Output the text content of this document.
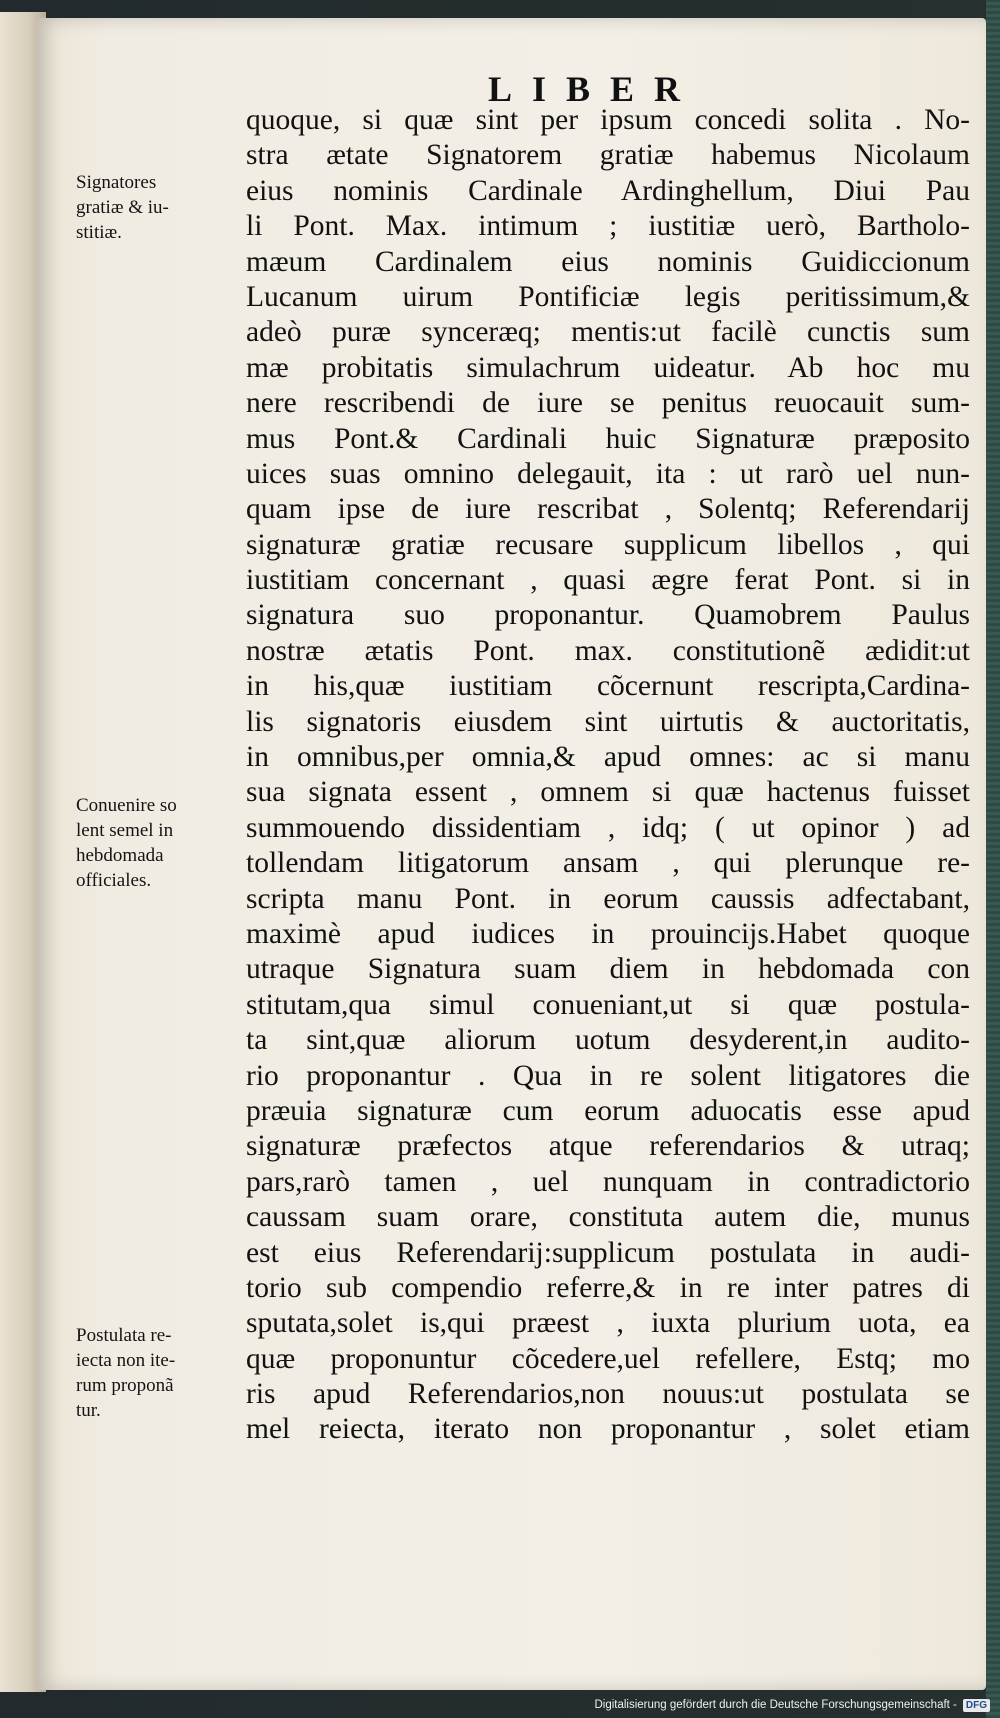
LIBER
quoque, si quæ sint per ipsum concedi solita . No-
stra ætate Signatorem gratiæ habemus Nicolaum
eius nominis Cardinale Ardinghellum, Diui Pau
li Pont. Max. intimum ; iustitiæ uerò, Bartholo-
mæum Cardinalem eius nominis Guidiccionum
Lucanum uirum Pontificiæ legis peritissimum,&
adeò puræ synceræq; mentis:ut facilè cunctis sum
mæ probitatis simulachrum uideatur. Ab hoc mu
nere rescribendi de iure se penitus reuocauit sum-
mus Pont.& Cardinali huic Signaturæ præposito
uices suas omnino delegauit, ita : ut rarò uel nun-
quam ipse de iure rescribat , Solentq; Referendarij
signaturæ gratiæ recusare supplicum libellos , qui
iustitiam concernant , quasi ægre ferat Pont. si in
signatura suo proponantur. Quamobrem Paulus
nostræ ætatis Pont. max. constitutionẽ ædidit:ut
in his,quæ iustitiam cõcernunt rescripta,Cardina-
lis signatoris eiusdem sint uirtutis & auctoritatis,
in omnibus,per omnia,& apud omnes: ac si manu
sua signata essent , omnem si quæ hactenus fuisset
summouendo dissidentiam , idq; ( ut opinor ) ad
tollendam litigatorum ansam , qui plerunque re-
scripta manu Pont. in eorum caussis adfectabant,
maximè apud iudices in prouincijs.Habet quoque
utraque Signatura suam diem in hebdomada con
stitutam,qua simul conueniant,ut si quæ postula-
ta sint,quæ aliorum uotum desyderent,in audito-
rio proponantur . Qua in re solent litigatores die
præuia signaturæ cum eorum aduocatis esse apud
signaturæ præfectos atque referendarios & utraq;
pars,rarò tamen , uel nunquam in contradictorio
caussam suam orare, constituta autem die, munus
est eius Referendarij:supplicum postulata in audi-
torio sub compendio referre,& in re inter patres di
sputata,solet is,qui præest , iuxta plurium uota, ea
quæ proponuntur cõcedere,uel refellere, Estq; mo
ris apud Referendarios,non nouus:ut postulata se
mel reiecta, iterato non proponantur , solet etiam
Signatores
gratiæ & iu-
stitiæ.
Conuenire so
lent semel in
hebdomada
officiales.
Postulata re-
iecta non ite-
rum proponã
tur.
Digitalisierung gefördert durch die Deutsche Forschungsgemeinschaft - DFG
